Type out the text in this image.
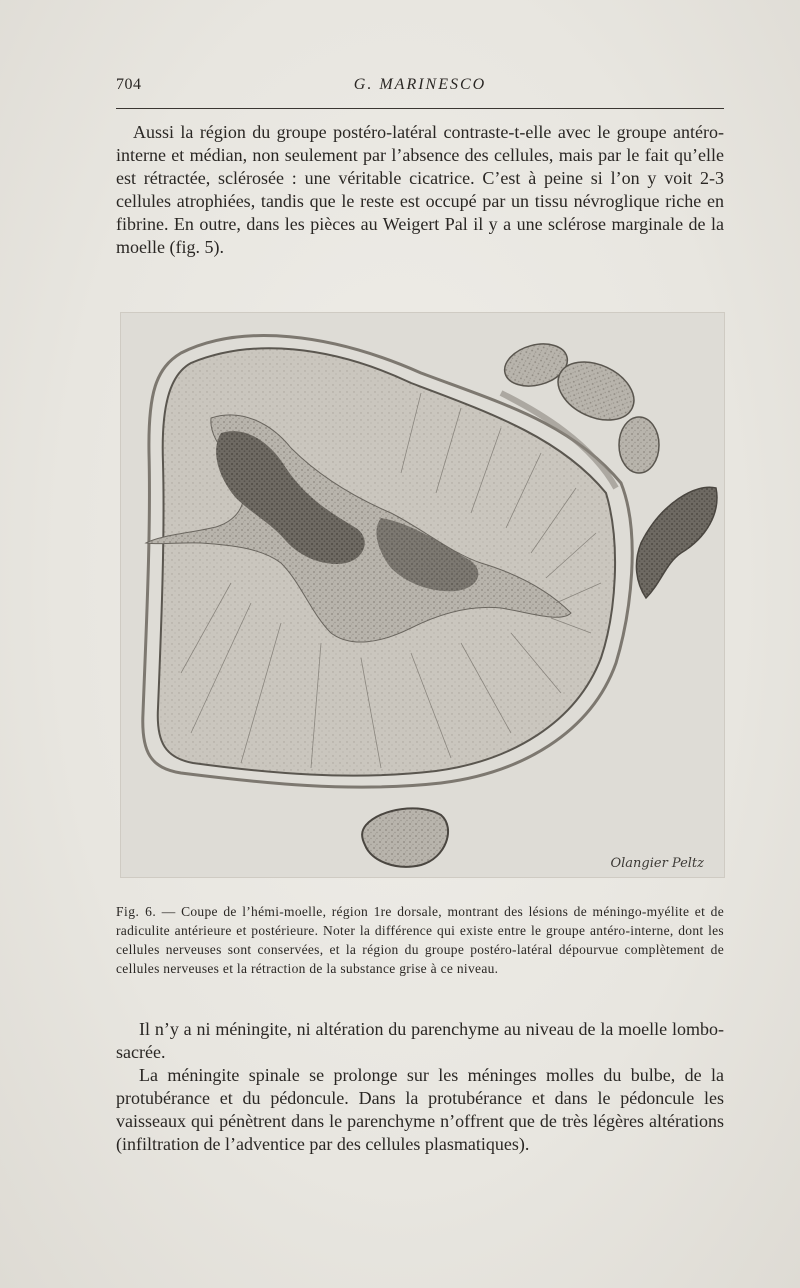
704	G. MARINESCO
Aussi la région du groupe postéro-latéral contraste-t-elle avec le groupe antéro-interne et médian, non seulement par l’absence des cellules, mais par le fait qu’elle est rétractée, sclérosée : une véritable cicatrice. C’est à peine si l’on y voit 2-3 cellules atrophiées, tandis que le reste est occupé par un tissu névroglique riche en fibrine. En outre, dans les pièces au Weigert Pal il y a une sclérose marginale de la moelle (fig. 5).
Olangier Peltz
Fig. 6. — Coupe de l’hémi-moelle, région 1re dorsale, montrant des lésions de méningo-myélite et de radiculite antérieure et postérieure. Noter la différence qui existe entre le groupe antéro-interne, dont les cellules nerveuses sont conservées, et la région du groupe postéro-latéral dépourvue complètement de cellules nerveuses et la rétraction de la substance grise à ce niveau.
Il n’y a ni méningite, ni altération du parenchyme au niveau de la moelle lombo-sacrée.
La méningite spinale se prolonge sur les méninges molles du bulbe, de la protubérance et du pédoncule. Dans la protubérance et dans le pédoncule les vaisseaux qui pénètrent dans le parenchyme n’offrent que de très légères altérations (infiltration de l’adventice par des cellules plasmatiques).
